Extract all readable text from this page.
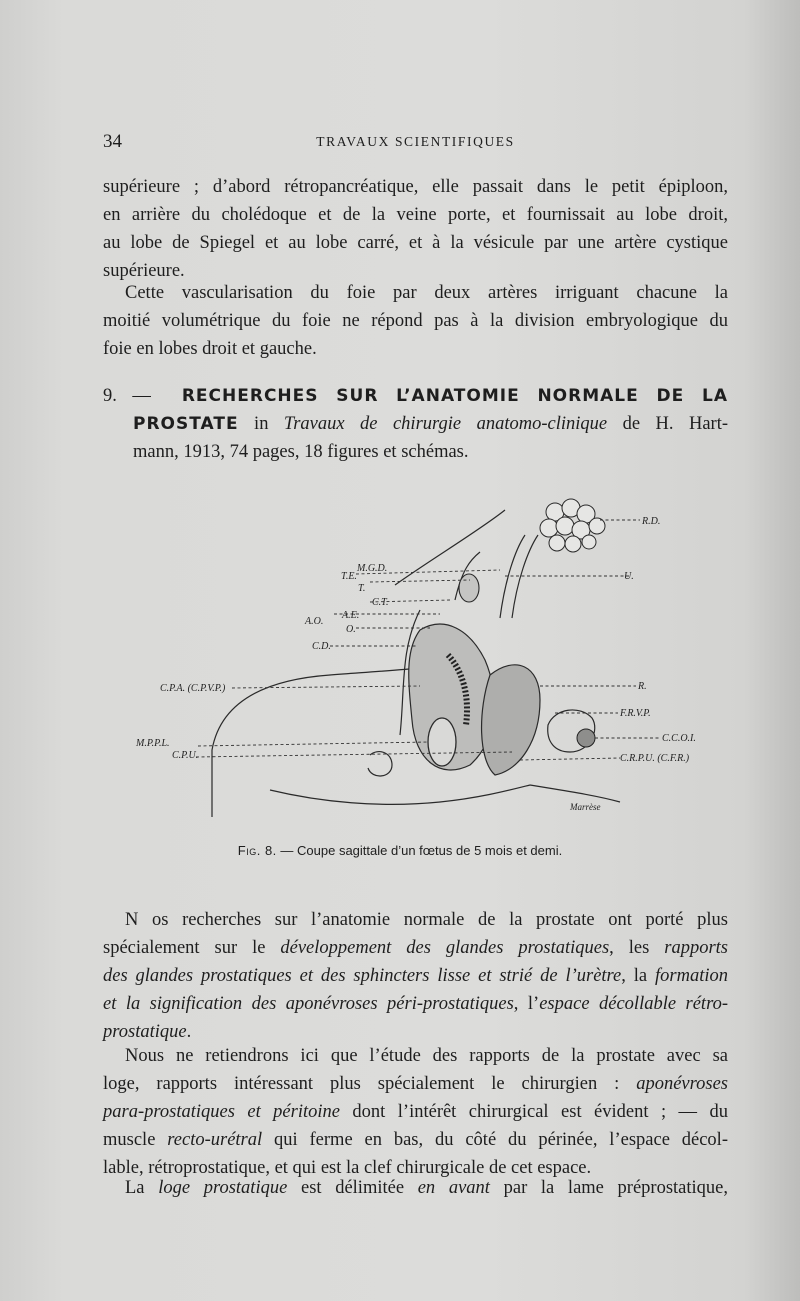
34	TRAVAUX SCIENTIFIQUES
supérieure ; d’abord rétropancréatique, elle passait dans le petit épiploon,
en arrière du cholédoque et de la veine porte, et fournissait au lobe droit,
au lobe de Spiegel et au lobe carré, et à la vésicule par une artère cystique
supérieure.
Cette vascularisation du foie par deux artères irriguant chacune la
moitié volumétrique du foie ne répond pas à la division embryologique du
foie en lobes droit et gauche.
9. — RECHERCHES SUR L’ANATOMIE NORMALE DE LA
PROSTATE in Travaux de chirurgie anatomo-clinique de H. Hart-
mann, 1913, 74 pages, 18 figures et schémas.
R.D.
U.
T.E.
M.G.D.
T.
C.T.
A.O.
A.E.
O.
C.D.
C.P.A. (C.P.V.P.)	R.
F.R.V.P.
M.P.P.L.
C.P.U.
C.C.O.I.
C.R.P.U. (C.F.R.)
Marrèse
Fig. 8. — Coupe sagittale d’un fœtus de 5 mois et demi.
N os recherches sur l’anatomie normale de la prostate ont porté plus
spécialement sur le développement des glandes prostatiques, les rapports
des glandes prostatiques et des sphincters lisse et strié de l’urètre, la formation
et la signification des aponévroses péri-prostatiques, l’espace décollable rétro-
prostatique.
Nous ne retiendrons ici que l’étude des rapports de la prostate avec sa
loge, rapports intéressant plus spécialement le chirurgien : aponévroses
para-prostatiques et péritoine dont l’intérêt chirurgical est évident ; — du
muscle recto-urétral qui ferme en bas, du côté du périnée, l’espace décol-
lable, rétroprostatique, et qui est la clef chirurgicale de cet espace.
La loge prostatique est délimitée en avant par la lame préprostatique,
